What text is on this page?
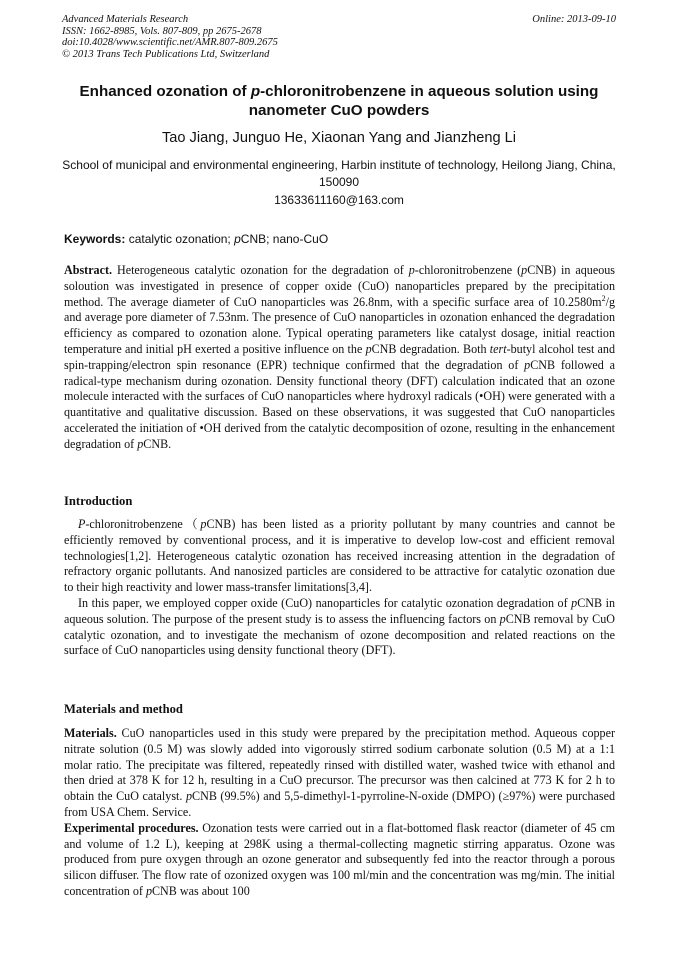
Advanced Materials Research
ISSN: 1662-8985, Vols. 807-809, pp 2675-2678
doi:10.4028/www.scientific.net/AMR.807-809.2675
© 2013 Trans Tech Publications Ltd, Switzerland
Online: 2013-09-10
Enhanced ozonation of p-chloronitrobenzene in aqueous solution using nanometer CuO powders
Tao Jiang, Junguo He, Xiaonan Yang and Jianzheng Li
School of municipal and environmental engineering, Harbin institute of technology, Heilong Jiang, China, 150090
13633611160@163.com
Keywords: catalytic ozonation; pCNB; nano-CuO
Abstract. Heterogeneous catalytic ozonation for the degradation of p-chloronitrobenzene (pCNB) in aqueous soloution was investigated in presence of copper oxide (CuO) nanoparticles prepared by the precipitation method. The average diameter of CuO nanoparticles was 26.8nm, with a specific surface area of $10.2580m^2/g$ and average pore diameter of 7.53nm. The presence of CuO nanoparticles in ozonation enhanced the degradation efficiency as compared to ozonation alone. Typical operating parameters like catalyst dosage, initial reaction temperature and initial pH exerted a positive influence on the pCNB degradation. Both tert-butyl alcohol test and spin-trapping/electron spin resonance (EPR) technique confirmed that the degradation of pCNB followed a radical-type mechanism during ozonation. Density functional theory (DFT) calculation indicated that an ozone molecule interacted with the surfaces of CuO nanoparticles where hydroxyl radicals (•OH) were generated with a quantitative and qualitative discussion. Based on these observations, it was suggested that CuO nanoparticles accelerated the initiation of •OH derived from the catalytic decomposition of ozone, resulting in the enhancement degradation of pCNB.
Introduction

P-chloronitrobenzene（pCNB) has been listed as a priority pollutant by many countries and cannot be efficiently removed by conventional process, and it is imperative to develop low-cost and efficient removal technologies[1,2]. Heterogeneous catalytic ozonation has received increasing attention in the degradation of refractory organic pollutants. And nanosized particles are considered to be attractive for catalytic ozonation due to their high reactivity and lower mass-transfer limitations[3,4].

In this paper, we employed copper oxide (CuO) nanoparticles for catalytic ozonation degradation of pCNB in aqueous solution. The purpose of the present study is to assess the influencing factors on pCNB removal by CuO catalytic ozonation, and to investigate the mechanism of ozone decomposition and related reactions on the surface of CuO nanoparticles using density functional theory (DFT).

Materials and method

Materials. CuO nanoparticles used in this study were prepared by the precipitation method. Aqueous copper nitrate solution (0.5 M) was slowly added into vigorously stirred sodium carbonate solution (0.5 M) at a 1:1 molar ratio. The precipitate was filtered, repeatedly rinsed with distilled water, washed twice with ethanol and then dried at 378 K for 12 h, resulting in a CuO precursor. The precursor was then calcined at 773 K for 2 h to obtain the CuO catalyst. pCNB (99.5%) and 5,5-dimethyl-1-pyrroline-N-oxide (DMPO) (≥97%) were purchased from USA Chem. Service.

Experimental procedures. Ozonation tests were carried out in a flat-bottomed flask reactor (diameter of 45 cm and volume of 1.2 L), keeping at 298K using a thermal-collecting magnetic stirring apparatus. Ozone was produced from pure oxygen through an ozone generator and subsequently fed into the reactor through a porous silicon diffuser. The flow rate of ozonized oxygen was 100 ml/min and the concentration was mg/min. The initial concentration of pCNB was about 100
